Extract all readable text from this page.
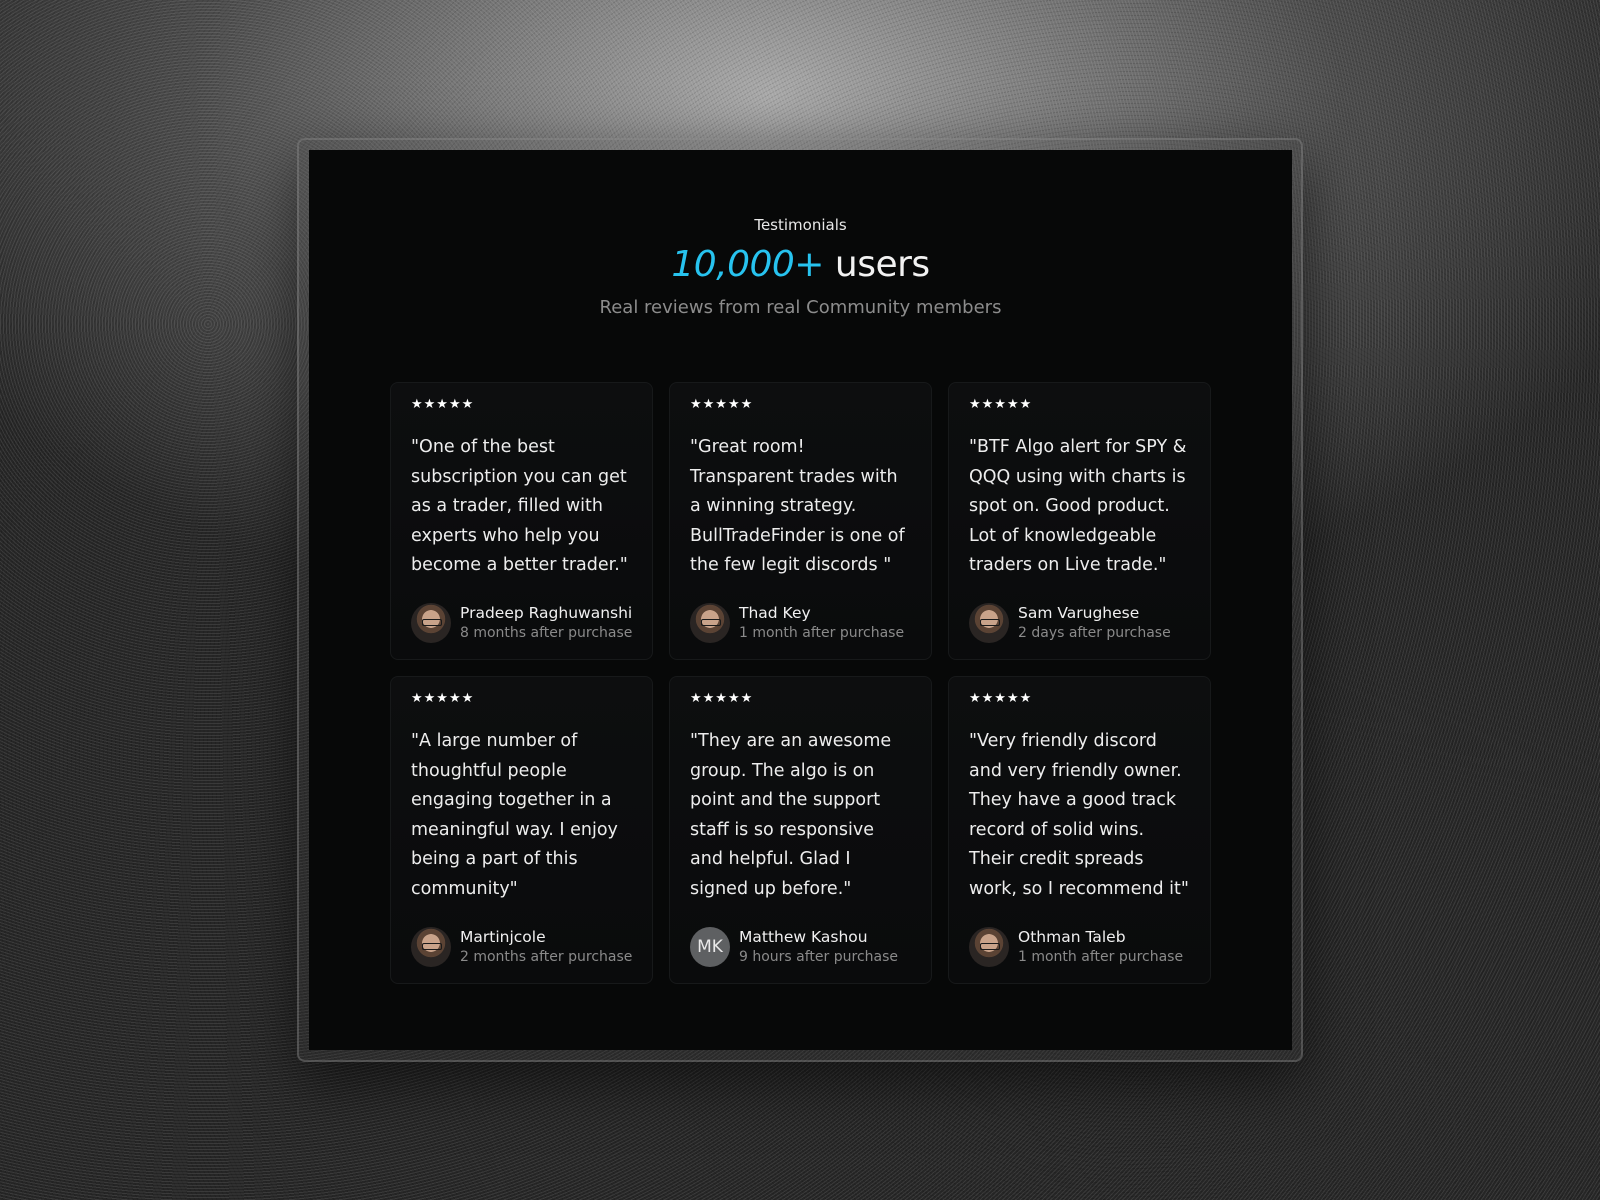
Testimonials
10,000+ users
Real reviews from real Community members
★★★★★
"One of the best subscription you can get as a trader, filled with experts who help you become a better trader."
Pradeep Raghuwanshi
8 months after purchase
★★★★★
"Great room! Transparent trades with a winning strategy. BullTradeFinder is one of the few legit discords "
Thad Key
1 month after purchase
★★★★★
"BTF Algo alert for SPY & QQQ using with charts is spot on. Good product. Lot of knowledgeable traders on Live trade."
Sam Varughese
2 days after purchase
★★★★★
"A large number of thoughtful people engaging together in a meaningful way. I enjoy being a part of this community"
Martinjcole
2 months after purchase
★★★★★
"They are an awesome group. The algo is on point and the support staff is so responsive and helpful. Glad I signed up before."
MK	Matthew Kashou
9 hours after purchase
★★★★★
"Very friendly discord and very friendly owner. They have a good track record of solid wins. Their credit spreads work, so I recommend it"
Othman Taleb
1 month after purchase
